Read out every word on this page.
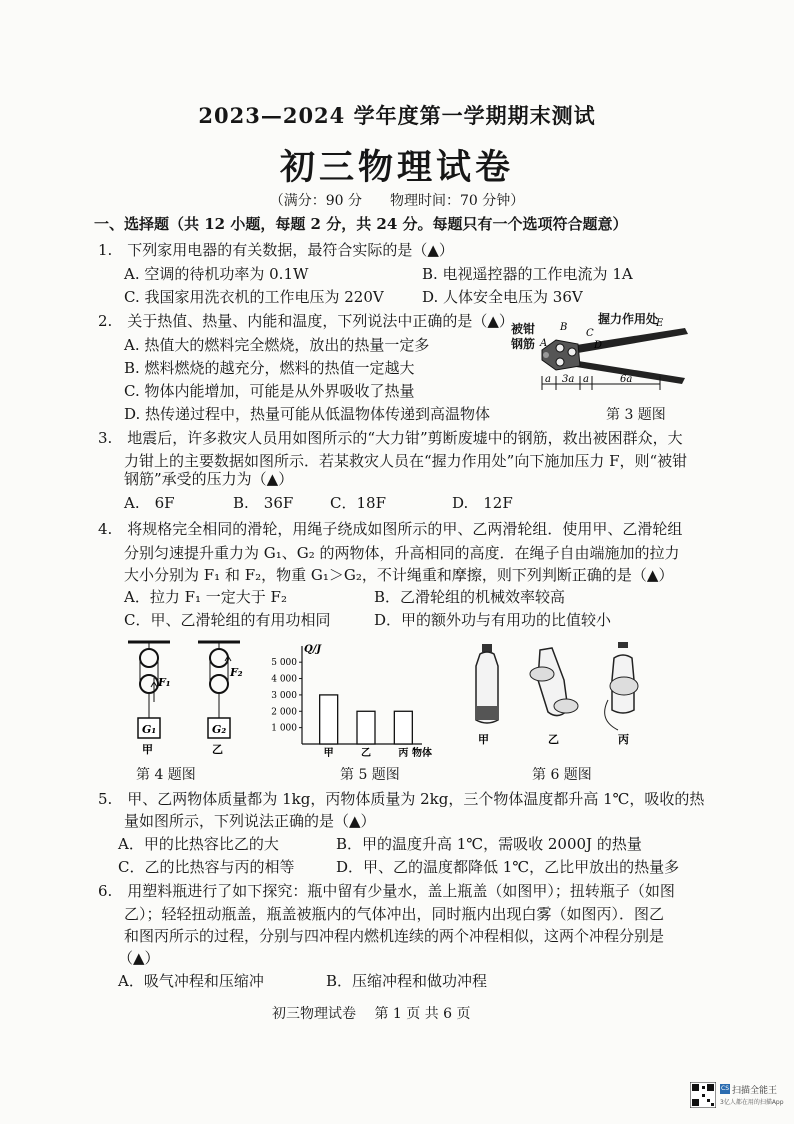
2023—2024 学年度第一学期期末测试
初三物理试卷
（满分：90 分　　物理时间：70 分钟）
一、选择题（共 12 小题，每题 2 分，共 24 分。每题只有一个选项符合题意）
1.　下列家用电器的有关数据，最符合实际的是（▲）
A. 空调的待机功率为 0.1W	B. 电视遥控器的工作电流为 1A
C. 我国家用洗衣机的工作电压为 220V	D. 人体安全电压为 36V
2.　关于热值、热量、内能和温度，下列说法中正确的是（▲）
A. 热值大的燃料完全燃烧，放出的热量一定多
B. 燃料燃烧的越充分，燃料的热值一定越大
C. 物体内能增加，可能是从外界吸收了热量
D. 热传递过程中，热量可能从低温物体传递到高温物体
a 3a a	6a
A
B
C
D
E
握力作用处
被钳
钢筋
第 3 题图
3.　地震后，许多救灾人员用如图所示的“大力钳”剪断废墟中的钢筋，救出被困群众，大
力钳上的主要数据如图所示．若某救灾人员在“握力作用处”向下施加压力 F，则“被钳
钢筋”承受的压力为（▲）
A.　6F	B.　36F C．18F	D.　12F
4.　将规格完全相同的滑轮，用绳子绕成如图所示的甲、乙两滑轮组．使用甲、乙滑轮组
分别匀速提升重力为 G₁、G₂ 的两物体，升高相同的高度．在绳子自由端施加的拉力
大小分别为 F₁ 和 F₂，物重 G₁＞G₂，不计绳重和摩擦，则下列判断正确的是（▲）
A．拉力 F₁ 一定大于 F₂	B．乙滑轮组的机械效率较高
C．甲、乙滑轮组的有用功相同	D．甲的额外功与有用功的比值较小
F₁
F₂
G₁	G₂
甲	乙
第 4 题图
Q/J
物体
1 000
2 000
3 000
4 000
5 000
甲	乙	丙
第 5 题图
甲	乙	丙
第 6 题图
5.　甲、乙两物体质量都为 1kg，丙物体质量为 2kg，三个物体温度都升高 1℃，吸收的热
量如图所示，下列说法正确的是（▲）
A．甲的比热容比乙的大	B．甲的温度升高 1℃，需吸收 2000J 的热量
C．乙的比热容与丙的相等	D．甲、乙的温度都降低 1℃，乙比甲放出的热量多
6.　用塑料瓶进行了如下探究：瓶中留有少量水，盖上瓶盖（如图甲）；扭转瓶子（如图
乙）；轻轻扭动瓶盖，瓶盖被瓶内的气体冲出，同时瓶内出现白雾（如图丙）．图乙
和图丙所示的过程，分别与四冲程内燃机连续的两个冲程相似，这两个冲程分别是
（▲）
A．吸气冲程和压缩冲	B．压缩冲程和做功冲程
初三物理试卷　 第 1 页 共 6 页
CS 扫描全能王
3亿人都在用的扫描App
